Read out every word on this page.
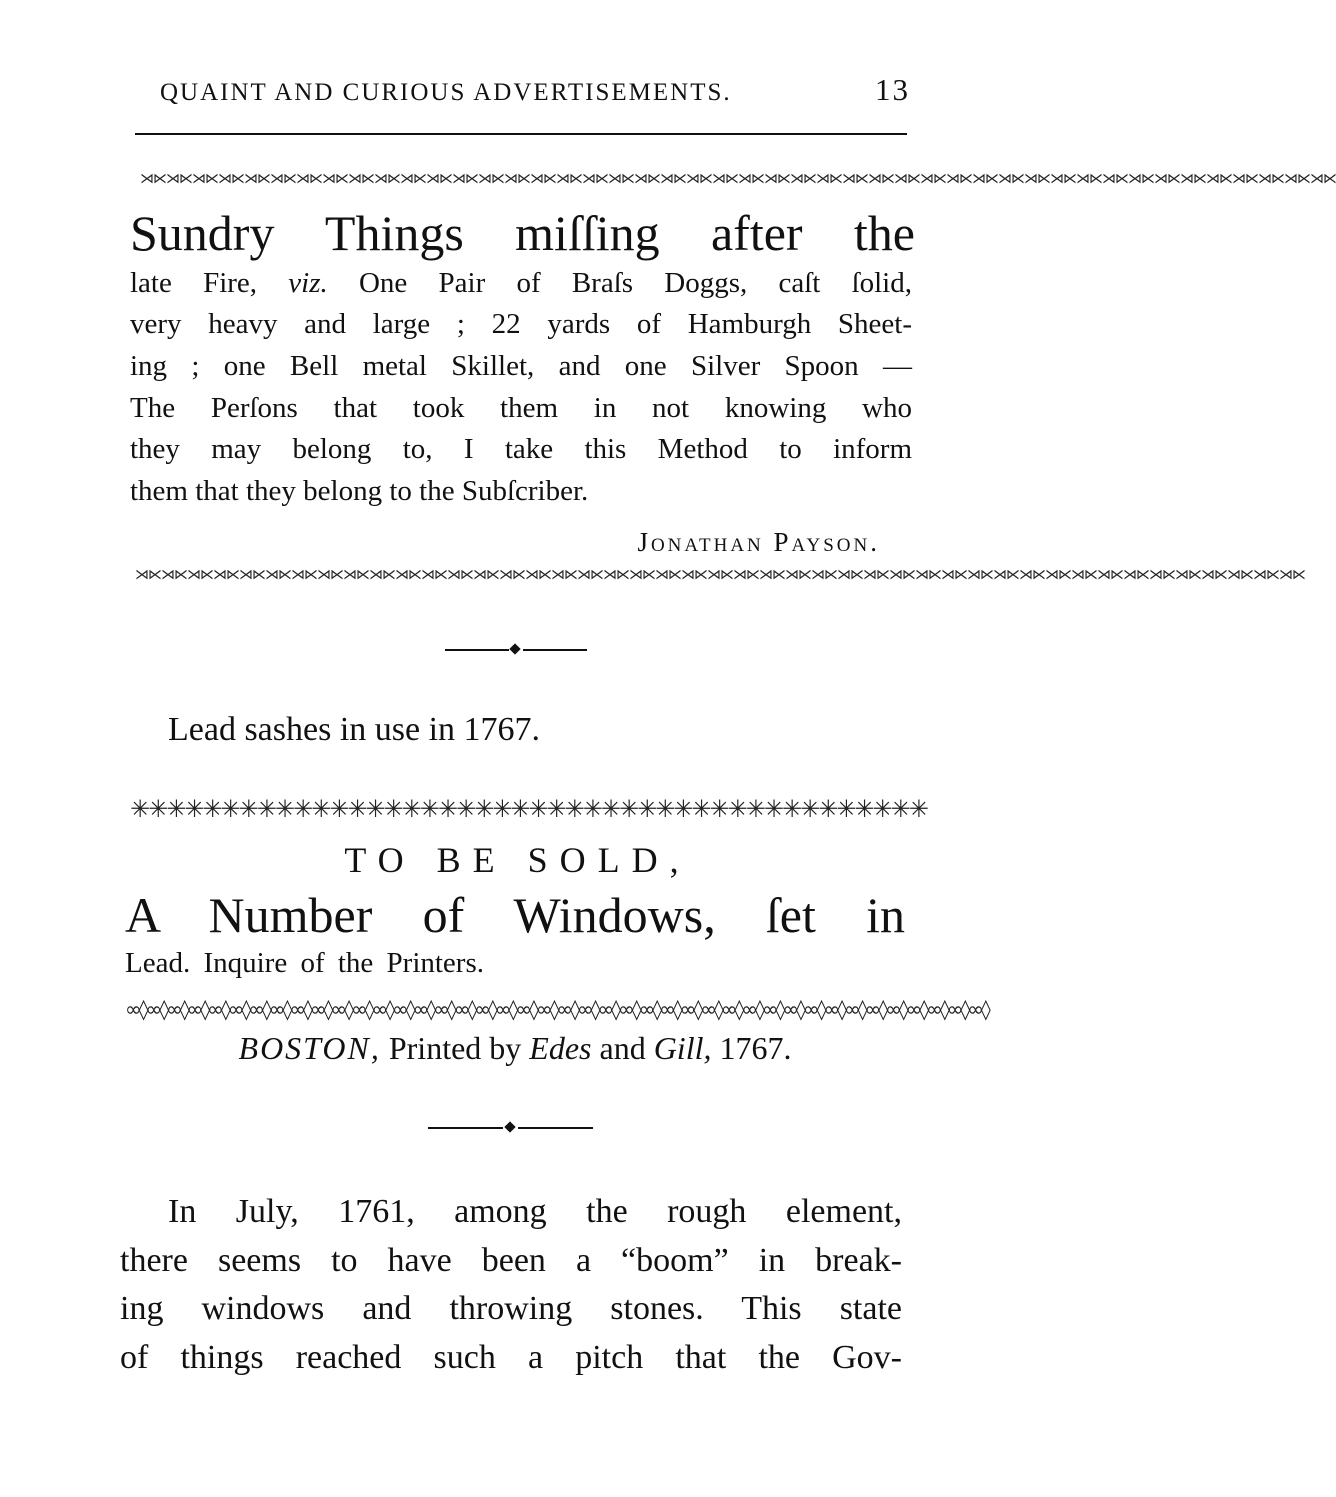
QUAINT AND CURIOUS ADVERTISEMENTS.	13
⋊⋉⋊⋉⋊⋉⋊⋉⋊⋉⋊⋉⋊⋉⋊⋉⋊⋉⋊⋉⋊⋉⋊⋉⋊⋉⋊⋉⋊⋉⋊⋉⋊⋉⋊⋉⋊⋉⋊⋉⋊⋉⋊⋉⋊⋉⋊⋉⋊⋉⋊⋉⋊⋉⋊⋉⋊⋉⋊⋉⋊⋉⋊⋉⋊⋉⋊⋉⋊⋉⋊⋉⋊⋉⋊⋉⋊⋉⋊⋉⋊⋉⋊⋉⋊⋉⋊⋉⋊⋉⋊⋉
Sundry Things miſſing after the
late Fire, viz. One Pair of Braſs Doggs, caſt ſolid,
very heavy and large ; 22 yards of Hamburgh Sheet-
ing ; one Bell metal Skillet, and one Silver Spoon —
The Perſons that took them in not knowing who
they may belong to, I take this Method to inform
them that they belong to the Subſcriber.
Jonathan Payson.
⋊⋉⋊⋉⋊⋉⋊⋉⋊⋉⋊⋉⋊⋉⋊⋉⋊⋉⋊⋉⋊⋉⋊⋉⋊⋉⋊⋉⋊⋉⋊⋉⋊⋉⋊⋉⋊⋉⋊⋉⋊⋉⋊⋉⋊⋉⋊⋉⋊⋉⋊⋉⋊⋉⋊⋉⋊⋉⋊⋉⋊⋉⋊⋉⋊⋉⋊⋉⋊⋉⋊⋉⋊⋉⋊⋉⋊⋉⋊⋉⋊⋉⋊⋉⋊⋉⋊⋉⋊⋉
Lead sashes in use in 1767.
✳✳✳✳✳✳✳✳✳✳✳✳✳✳✳✳✳✳✳✳✳✳✳✳✳✳✳✳✳✳✳✳✳✳✳✳✳✳✳✳✳✳✳✳
TO BE SOLD,
A Number of Windows, ſet in
Lead. Inquire of the Printers.
∞◊∞◊∞◊∞◊∞◊∞◊∞◊∞◊∞◊∞◊∞◊∞◊∞◊∞◊∞◊∞◊∞◊∞◊∞◊∞◊∞◊∞◊∞◊∞◊∞◊∞◊∞◊∞◊∞◊∞◊∞◊∞◊∞◊∞◊∞◊∞◊∞◊∞◊∞◊∞◊∞◊∞◊
BOSTON, Printed by Edes and Gill, 1767.
In July, 1761, among the rough element,
there seems to have been a “boom” in break-
ing windows and throwing stones. This state
of things reached such a pitch that the Gov-
